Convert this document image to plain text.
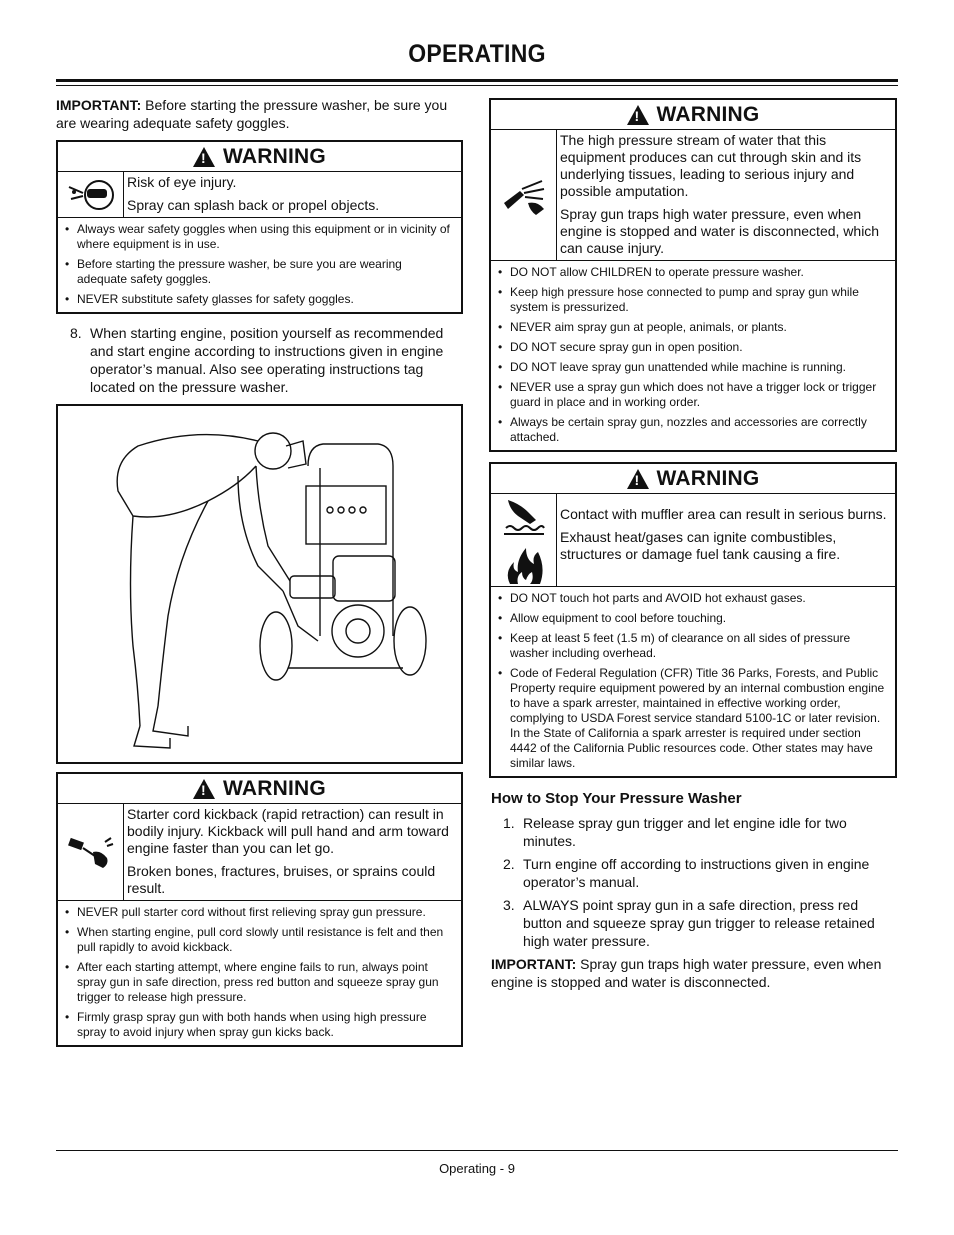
OPERATING

IMPORTANT: Before starting the pressure washer, be sure you are wearing adequate safety goggles.

!
WARNING

Risk of eye injury.

Spray can splash back or propel objects.

• Always wear safety goggles when using this equipment or in vicinity of where equipment is in use.
• Before starting the pressure washer, be sure you are wearing adequate safety goggles.
• NEVER substitute safety glasses for safety goggles.
8. When starting engine, position yourself as recommended and start engine according to instructions given in engine operator’s manual. Also see operating instructions tag located on the pressure washer.
!
WARNING

Starter cord kickback (rapid retraction) can result in bodily injury. Kickback will pull hand and arm toward engine faster than you can let go.

Broken bones, fractures, bruises, or sprains could result.

• NEVER pull starter cord without first relieving spray gun pressure.
• When starting engine, pull cord slowly until resistance is felt and then pull rapidly to avoid kickback.
• After each starting attempt, where engine fails to run, always point spray gun in safe direction, press red button and squeeze spray gun trigger to release high pressure.
• Firmly grasp spray gun with both hands when using high pressure spray to avoid injury when spray gun kicks back.
!
WARNING

The high pressure stream of water that this equipment produces can cut through skin and its underlying tissues, leading to serious injury and possible amputation.

Spray gun traps high water pressure, even when engine is stopped and water is disconnected, which can cause injury.

• DO NOT allow CHILDREN to operate pressure washer.
• Keep high pressure hose connected to pump and spray gun while system is pressurized.
• NEVER aim spray gun at people, animals, or plants.
• DO NOT secure spray gun in open position.
• DO NOT leave spray gun unattended while machine is running.
• NEVER use a spray gun which does not have a trigger lock or trigger guard in place and in working order.
• Always be certain spray gun, nozzles and accessories are correctly attached.
!
WARNING

Contact with muffler area can result in serious burns.

Exhaust heat/gases can ignite combustibles, structures or damage fuel tank causing a fire.

• DO NOT touch hot parts and AVOID hot exhaust gases.
• Allow equipment to cool before touching.
• Keep at least 5 feet (1.5 m) of clearance on all sides of pressure washer including overhead.
• Code of Federal Regulation (CFR) Title 36 Parks, Forests, and Public Property require equipment powered by an internal combustion engine to have a spark arrester, maintained in effective working order, complying to USDA Forest service standard 5100-1C or later revision. In the State of California a spark arrester is required under section 4442 of the California Public resources code. Other states may have similar laws.
How to Stop Your Pressure Washer
1. Release spray gun trigger and let engine idle for two minutes.
2. Turn engine off according to instructions given in engine operator’s manual.
3. ALWAYS point spray gun in a safe direction, press red button and squeeze spray gun trigger to release retained high water pressure.

IMPORTANT: Spray gun traps high water pressure, even when engine is stopped and water is disconnected.

Operating - 9
